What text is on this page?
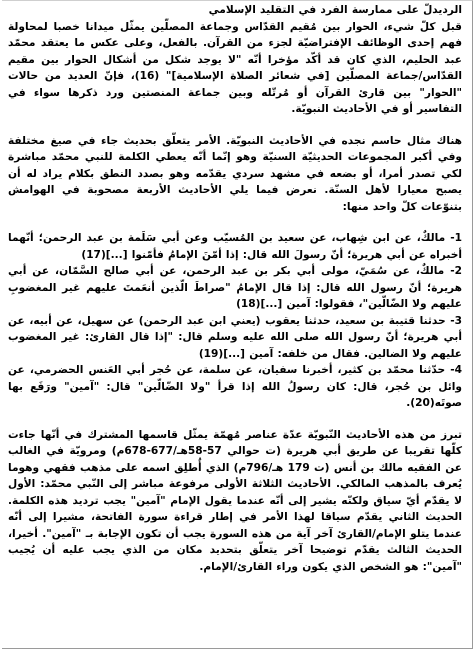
الرديدلّ على ممارسة الفرد في التقليد الإسلامي

قبل كلّ شيء، الحوار بين مُقيم القدّاس وجماعة المصلّين يمثّل ميدانا خصبا لمحاولة فهم إحدى الوظائف الإفتراضيّة لجزء من القرآن. بالفعل، وعلى عكس ما يعتقد محمّد عبد الحليم، الذي كان قد أكّد مؤخرا أنّه "لا يوجد شكل من أشكال الحوار بين مقيم القدّاس/جماعة المصلّين [في شعائر الصلاة الإسلامية]" (16)، فإنّ العديد من حالات "الحوار" بين قارئ القرآن أو مُرتّله وبين جماعة المنصتين ورد ذكرها سواء في التفاسير أو في الأحاديث النبويّة.

هناك مثال حاسم نجده في الأحاديث النبويّة. الأمر يتعلّق بحديث جاء في صيغ مختلفة وفي أكبر المجموعات الحديثيّة السنيّة وهو إنّما أنّه يعطي الكلمة للنبي محمّد مباشرة لكي تصدر أمرا، أو بضعه في مشهد سردي يقدّمه وهو بصدد النطق بكلام يراد له أن يصبح معيارا لأهل السنّة. نعرض فيما يلي الأحاديث الأربعة مصحوبة في الهوامش بتنوّعات كلّ واحد منها:

1- مالكٌ، عن ابن شِهاب، عن سعيد بن المُسيّب وعن أبي سَلَمة بن عبد الرحمن؛ أنّهما أخبراه عن أبي هريرة؛ أنّ رسولَ الله قال: إذا أمّنَ الإمامُ فأمّنوا [...](17)

2- مالكٌ، عن سُمَيّ، مولى أبي بكر بن عبد الرحمن، عن أبي صالح السَّمّان، عن أبي هريرة؛ أنّ رسول الله قال: إذا قال الإمامُ "صراطَ الّذين أنعَمتَ عليهم غير المغضوبِ عليهم ولا الضّالّين"، فقولوا: آمين [...](18)

3- حدثنا قتيبة بن سعيد، حدثنا يعقوب (يعني ابن عبد الرحمن) عن سهيل، عن أبيه، عن أبي هريرة؛ أنّ رسول الله صلى الله عليه وسلم قال: "إذا قال القارئ: غير المغضوب عليهم ولا الضالين. فقال من خلفه: آمين [...](19)

4- حدّثنا محمّد بن كثير، أخبرنا سفيان، عن سلمة، عن حُجر أبي العَنس الحضرمي، عن وائل بن حُجر، قال: كان رسولُ الله إذا قرأ "ولا الضّالّين" قال: "آمين" ورَفَع بها صوتَه(20).

تبرز من هذه الأحاديث النّبويّة عدّة عناصر مُهمّة يمثّل قاسمها المشترك في أنّها جاءت كلّها تقريبا عن طريق أبي هريرة (ت حوالي 57-58هـ/677-678م) ومرويّة في الغالب عن الفقيه مالك بن أنس (ت 179 هـ/796م) الذي أُطلِق اسمه على مذهب فقهي وهوما يُعرف بالمذهب المالكي. الأحاديث الثلاثة الأولى مرفوعة مباشر إلى النّبي محمّد: الأول لا يقدّم أيّ سياق ولكنّه يشير إلى أنّه عندما يقول الإمام "آمين" يجب ترديد هذه الكلمة. الحديث الثاني يقدّم سياقا لهذا الأمر في إطار قراءة سورة الفاتحة، مشيرا إلى أنّه عندما يتلو الإمام/القارئ آخر آية من هذه السورة يجب أن تكون الإجابة بـ "آمين". أخيرا، الحديث الثالث يقدّم توضيحا آخر يتعلّق بتحديد مكان من الذي يجب عليه أن يُجيب "آمين": هو الشخص الذي يكون وراء القارئ/الإمام.
